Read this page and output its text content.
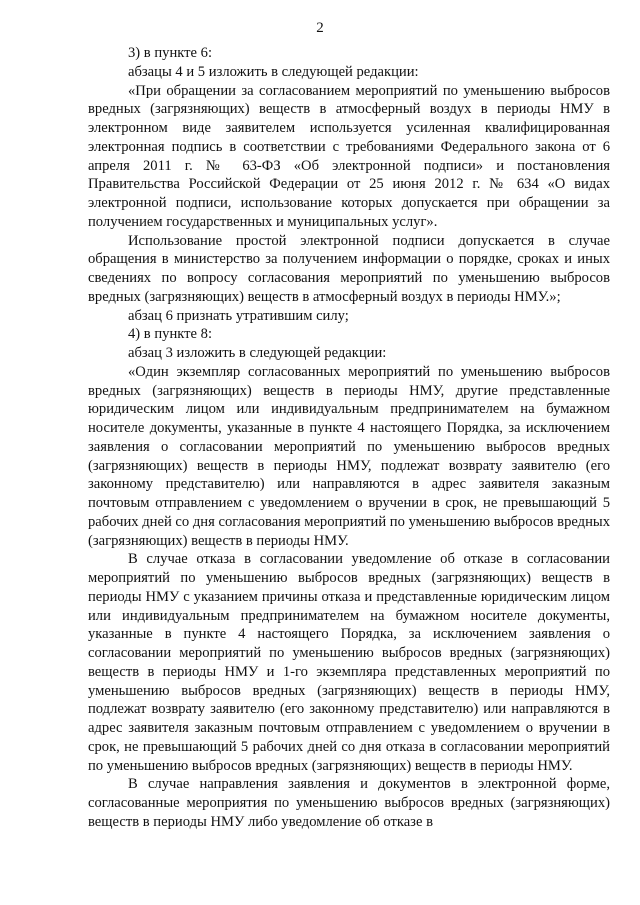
2

3) в пункте 6:

абзацы 4 и 5 изложить в следующей редакции:

«При обращении за согласованием мероприятий по уменьшению выбросов вредных (загрязняющих) веществ в атмосферный воздух в периоды НМУ в электронном виде заявителем используется усиленная квалифицированная электронная подпись в соответствии с требованиями Федерального закона от 6 апреля 2011 г. № 63-ФЗ «Об электронной подписи» и постановления Правительства Российской Федерации от 25 июня 2012 г. № 634 «О видах электронной подписи, использование которых допускается при обращении за получением государственных и муниципальных услуг».

Использование простой электронной подписи допускается в случае обращения в министерство за получением информации о порядке, сроках и иных сведениях по вопросу согласования мероприятий по уменьшению выбросов вредных (загрязняющих) веществ в атмосферный воздух в периоды НМУ.»;

абзац 6 признать утратившим силу;

4) в пункте 8:

абзац 3 изложить в следующей редакции:

«Один экземпляр согласованных мероприятий по уменьшению выбросов вредных (загрязняющих) веществ в периоды НМУ, другие представленные юридическим лицом или индивидуальным предпринимателем на бумажном носителе документы, указанные в пункте 4 настоящего Порядка, за исключением заявления о согласовании мероприятий по уменьшению выбросов вредных (загрязняющих) веществ в периоды НМУ, подлежат возврату заявителю (его законному представителю) или направляются в адрес заявителя заказным почтовым отправлением с уведомлением о вручении в срок, не превышающий 5 рабочих дней со дня согласования мероприятий по уменьшению выбросов вредных (загрязняющих) веществ в периоды НМУ.

В случае отказа в согласовании уведомление об отказе в согласовании мероприятий по уменьшению выбросов вредных (загрязняющих) веществ в периоды НМУ с указанием причины отказа и представленные юридическим лицом или индивидуальным предпринимателем на бумажном носителе документы, указанные в пункте 4 настоящего Порядка, за исключением заявления о согласовании мероприятий по уменьшению выбросов вредных (загрязняющих) веществ в периоды НМУ и 1-го экземпляра представленных мероприятий по уменьшению выбросов вредных (загрязняющих) веществ в периоды НМУ, подлежат возврату заявителю (его законному представителю) или направляются в адрес заявителя заказным почтовым отправлением с уведомлением о вручении в срок, не превышающий 5 рабочих дней со дня отказа в согласовании мероприятий по уменьшению выбросов вредных (загрязняющих) веществ в периоды НМУ.

В случае направления заявления и документов в электронной форме, согласованные мероприятия по уменьшению выбросов вредных (загрязняющих) веществ в периоды НМУ либо уведомление об отказе в
